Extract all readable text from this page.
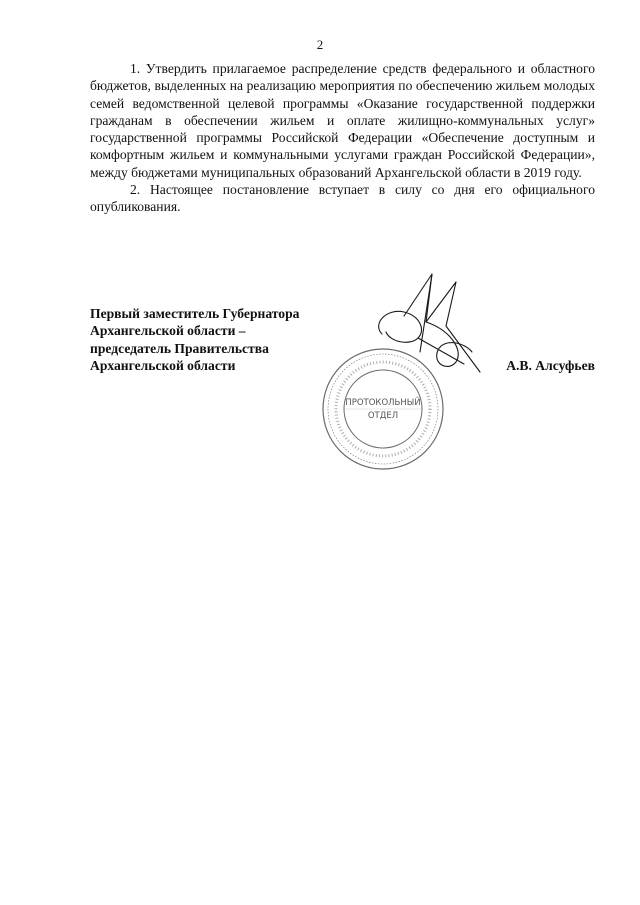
2

1. Утвердить прилагаемое распределение средств федерального и областного бюджетов, выделенных на реализацию мероприятия по обеспечению жильем молодых семей ведомственной целевой программы «Оказание государственной поддержки гражданам в обеспечении жильем и оплате жилищно-коммунальных услуг» государственной программы Российской Федерации «Обеспечение доступным и комфортным жильем и коммунальными услугами граждан Российской Федерации», между бюджетами муниципальных образований Архангельской области в 2019 году.

2. Настоящее постановление вступает в силу со дня его официального опубликования.

Первый заместитель Губернатора
Архангельской области –
председатель Правительства
Архангельской области	А.В. Алсуфьев
ПРОТОКОЛЬНЫЙ
ОТДЕЛ
